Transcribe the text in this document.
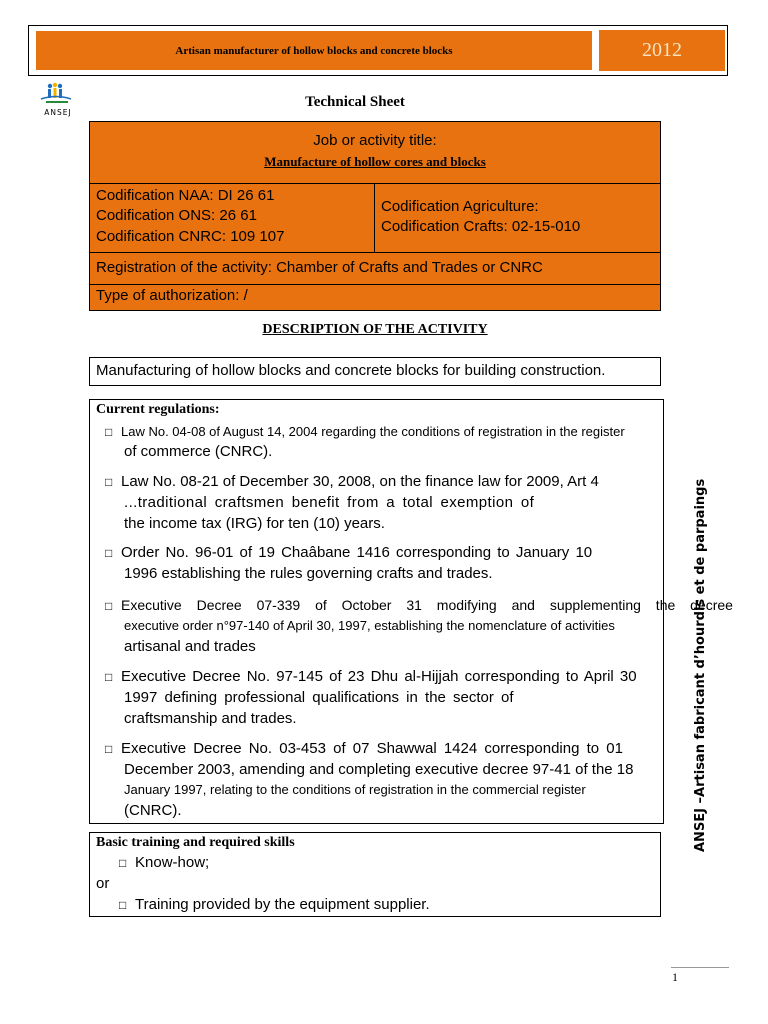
Artisan manufacturer of hollow blocks and concrete blocks	2012
ANSEJ
Technical Sheet
Job or activity title:
Manufacture of hollow cores and blocks
Codification NAA: DI 26 61
Codification ONS: 26 61
Codification CNRC: 109 107
Codification Agriculture:
Codification Crafts: 02-15-010
Registration of the activity: Chamber of Crafts and Trades or CNRC
Type of authorization: /
DESCRIPTION OF THE ACTIVITY
Manufacturing of hollow blocks and concrete blocks for building construction.
Current regulations:
□ Law No. 04-08 of August 14, 2004 regarding the conditions of registration in the register
of commerce (CNRC).
□ Law No. 08-21 of December 30, 2008, on the finance law for 2009, Art 4
...traditional craftsmen benefit from a total exemption of
the income tax (IRG) for ten (10) years.
□ Order No. 96-01 of 19 Chaâbane 1416 corresponding to January 10
1996 establishing the rules governing crafts and trades.
□ Executive Decree 07-339 of October 31 modifying and supplementing the decree
executive order n°97-140 of April 30, 1997, establishing the nomenclature of activities
artisanal and trades
□ Executive Decree No. 97-145 of 23 Dhu al-Hijjah corresponding to April 30
1997 defining professional qualifications in the sector of
craftsmanship and trades.
□ Executive Decree No. 03-453 of 07 Shawwal 1424 corresponding to 01
December 2003, amending and completing executive decree 97-41 of the 18
January 1997, relating to the conditions of registration in the commercial register
(CNRC).
Basic training and required skills
□ Know-how;
or
□ Training provided by the equipment supplier.
ANSEJ –Artisan fabricant d’hourdis et de parpaings
1
